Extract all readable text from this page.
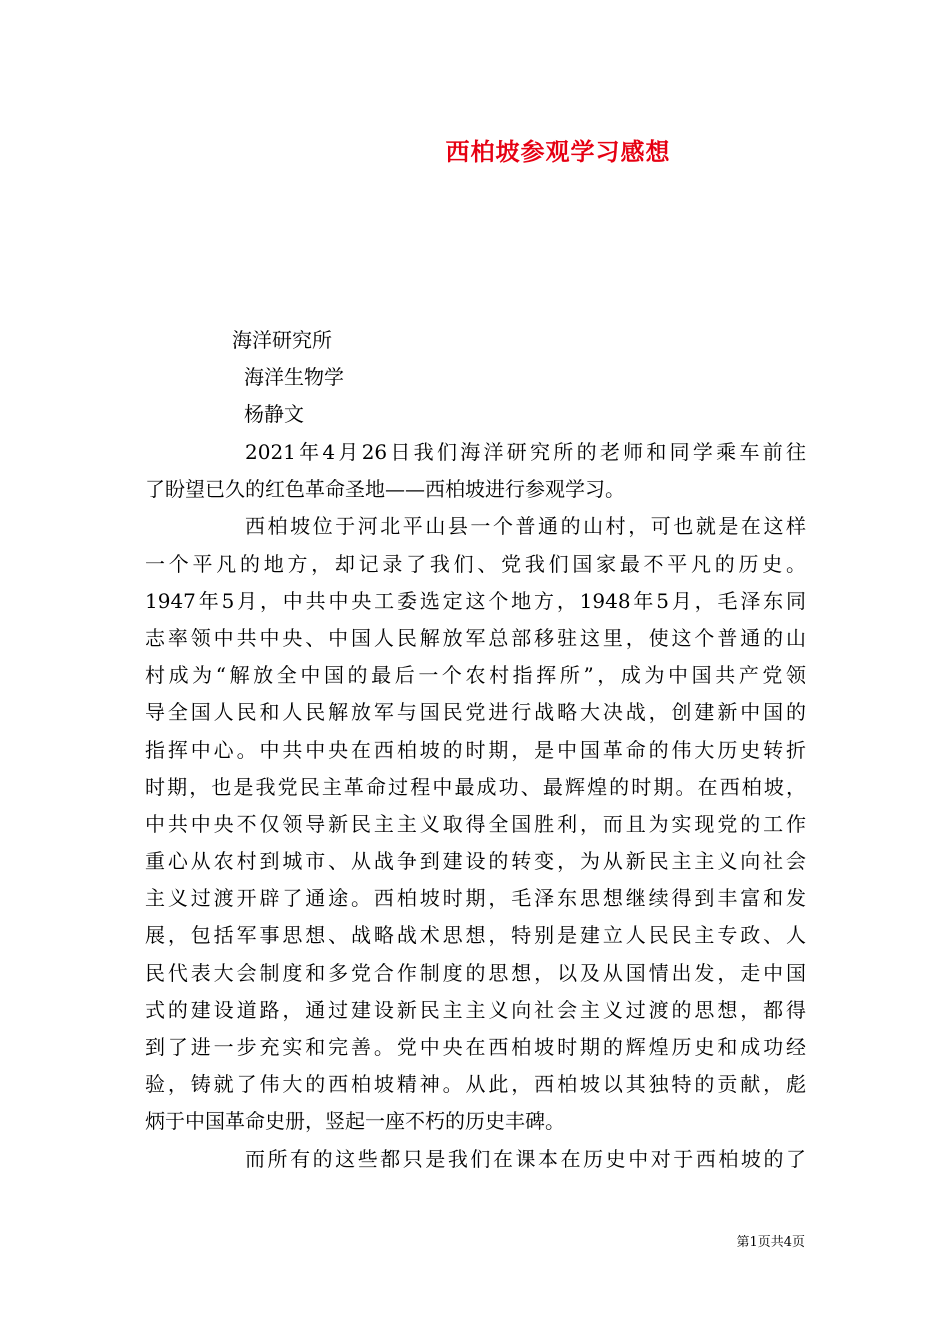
西柏坡参观学习感想
海洋研究所
海洋生物学
杨静文
2021年4月26日我们海洋研究所的老师和同学乘车前往
了盼望已久的红色革命圣地——西柏坡进行参观学习。
西柏坡位于河北平山县一个普通的山村，可也就是在这样
一个平凡的地方，却记录了我们、党我们国家最不平凡的历史。
1947年5月，中共中央工委选定这个地方，1948年5月，毛泽东同
志率领中共中央、中国人民解放军总部移驻这里，使这个普通的山
村成为“解放全中国的最后一个农村指挥所”，成为中国共产党领
导全国人民和人民解放军与国民党进行战略大决战，创建新中国的
指挥中心。中共中央在西柏坡的时期，是中国革命的伟大历史转折
时期，也是我党民主革命过程中最成功、最辉煌的时期。在西柏坡，
中共中央不仅领导新民主主义取得全国胜利，而且为实现党的工作
重心从农村到城市、从战争到建设的转变，为从新民主主义向社会
主义过渡开辟了通途。西柏坡时期，毛泽东思想继续得到丰富和发
展，包括军事思想、战略战术思想，特别是建立人民民主专政、人
民代表大会制度和多党合作制度的思想，以及从国情出发，走中国
式的建设道路，通过建设新民主主义向社会主义过渡的思想，都得
到了进一步充实和完善。党中央在西柏坡时期的辉煌历史和成功经
验，铸就了伟大的西柏坡精神。从此，西柏坡以其独特的贡献，彪
炳于中国革命史册，竖起一座不朽的历史丰碑。
而所有的这些都只是我们在课本在历史中对于西柏坡的了
第1页共4页
